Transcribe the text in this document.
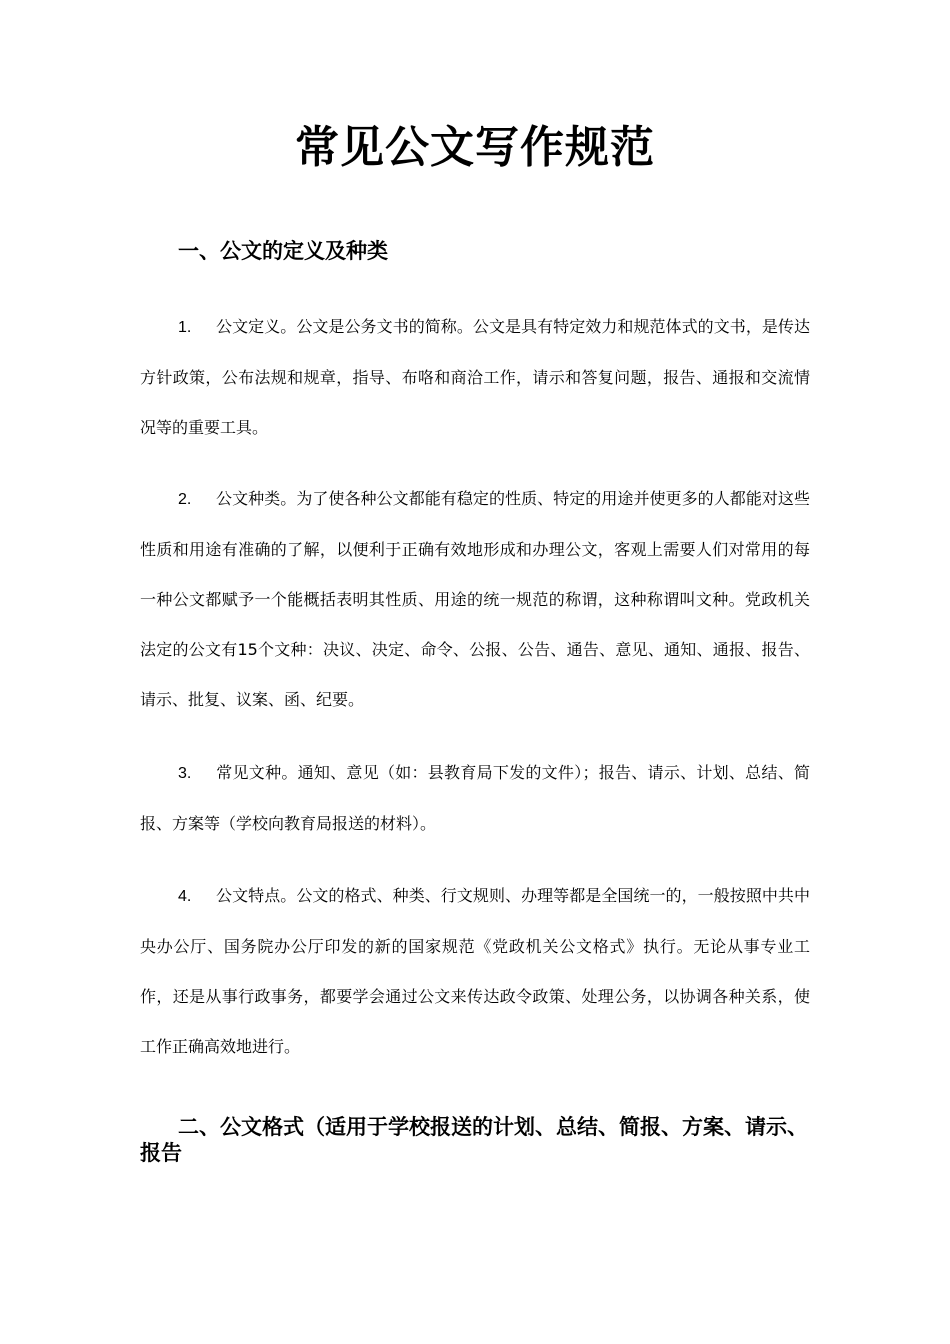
常见公文写作规范
一、公文的定义及种类

1. 公文定义。公文是公务文书的简称。公文是具有特定效力和规范体式的文书，是传达方针政策，公布法规和规章，指导、布咯和商洽工作，请示和答复问题，报告、通报和交流情况等的重要工具。

2. 公文种类。为了使各种公文都能有稳定的性质、特定的用途并使更多的人都能对这些性质和用途有准确的了解，以便利于正确有效地形成和办理公文，客观上需要人们对常用的每一种公文都赋予一个能概括表明其性质、用途的统一规范的称谓，这种称谓叫文种。党政机关法定的公文有15个文种：决议、决定、命令、公报、公告、通告、意见、通知、通报、报告、请示、批复、议案、函、纪要。

3. 常见文种。通知、意见（如：县教育局下发的文件）；报告、请示、计划、总结、简报、方案等（学校向教育局报送的材料）。

4. 公文特点。公文的格式、种类、行文规则、办理等都是全国统一的，一般按照中共中央办公厅、国务院办公厅印发的新的国家规范《党政机关公文格式》执行。无论从事专业工作，还是从事行政事务，都要学会通过公文来传达政令政策、处理公务，以协调各种关系，使工作正确高效地进行。

二、公文格式（适用于学校报送的计划、总结、简报、方案、请示、报告
